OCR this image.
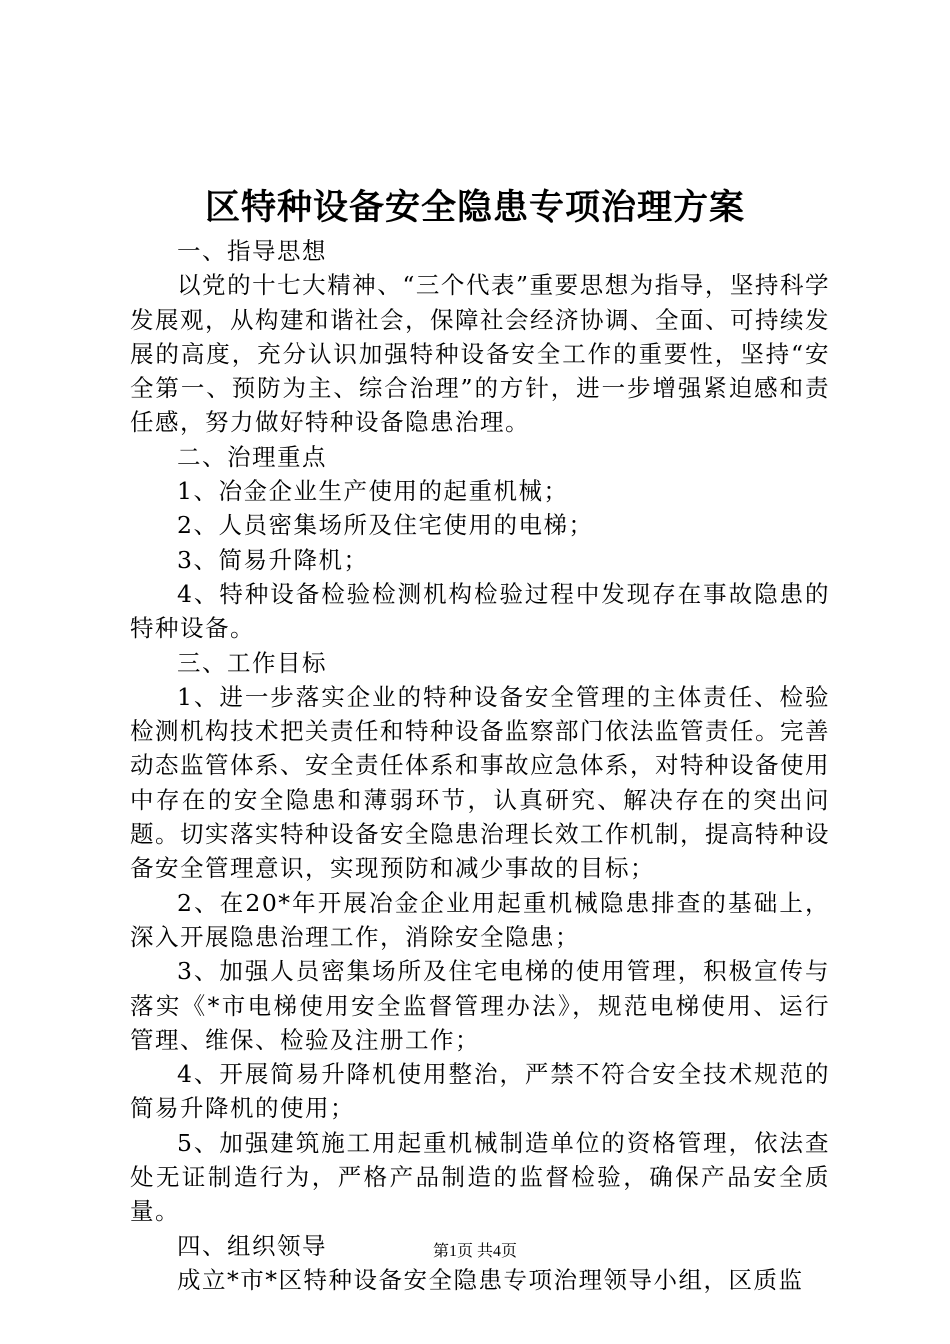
区特种设备安全隐患专项治理方案

一、指导思想

以党的十七大精神、“三个代表”重要思想为指导，坚持科学发展观，从构建和谐社会，保障社会经济协调、全面、可持续发展的高度，充分认识加强特种设备安全工作的重要性，坚持“安全第一、预防为主、综合治理”的方针，进一步增强紧迫感和责任感，努力做好特种设备隐患治理。

二、治理重点

1、冶金企业生产使用的起重机械；

2、人员密集场所及住宅使用的电梯；

3、简易升降机；

4、特种设备检验检测机构检验过程中发现存在事故隐患的特种设备。

三、工作目标

1、进一步落实企业的特种设备安全管理的主体责任、检验检测机构技术把关责任和特种设备监察部门依法监管责任。完善动态监管体系、安全责任体系和事故应急体系，对特种设备使用中存在的安全隐患和薄弱环节，认真研究、解决存在的突出问题。切实落实特种设备安全隐患治理长效工作机制，提高特种设备安全管理意识，实现预防和减少事故的目标；

2、在20*年开展冶金企业用起重机械隐患排查的基础上，深入开展隐患治理工作，消除安全隐患；

3、加强人员密集场所及住宅电梯的使用管理，积极宣传与落实《*市电梯使用安全监督管理办法》，规范电梯使用、运行管理、维保、检验及注册工作；

4、开展简易升降机使用整治，严禁不符合安全技术规范的简易升降机的使用；

5、加强建筑施工用起重机械制造单位的资格管理，依法查处无证制造行为，严格产品制造的监督检验，确保产品安全质量。

四、组织领导

成立*市*区特种设备安全隐患专项治理领导小组，区质监

第1页 共4页
